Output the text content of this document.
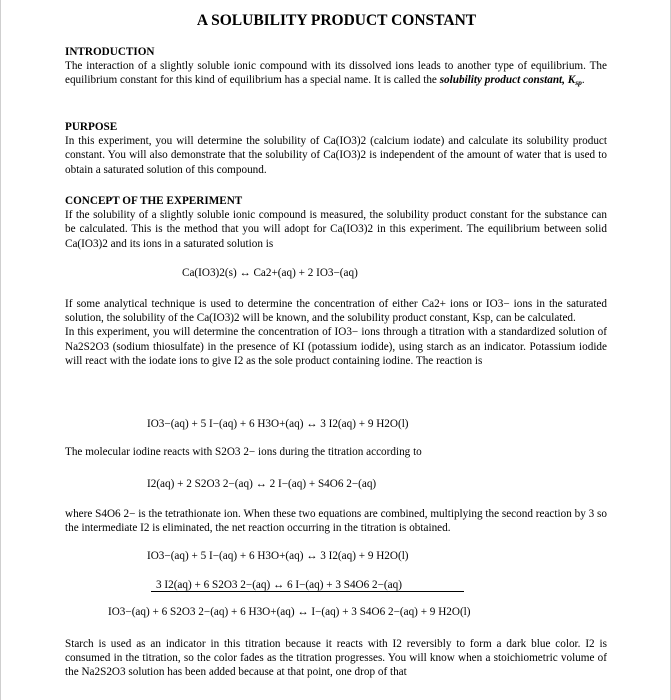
A SOLUBILITY PRODUCT CONSTANT
INTRODUCTION

The interaction of a slightly soluble ionic compound with its dissolved ions leads to another type of equilibrium. The equilibrium constant for this kind of equilibrium has a special name. It is called the solubility product constant, $K_{sp}$.

PURPOSE

In this experiment, you will determine the solubility of Ca(IO3)2 (calcium iodate) and calculate its solubility product constant. You will also demonstrate that the solubility of Ca(IO3)2 is independent of the amount of water that is used to obtain a saturated solution of this compound.

CONCEPT OF THE EXPERIMENT

If the solubility of a slightly soluble ionic compound is measured, the solubility product constant for the substance can be calculated. This is the method that you will adopt for Ca(IO3)2 in this experiment. The equilibrium between solid Ca(IO3)2 and its ions in a saturated solution is

Ca(IO3)2(s) ↔ Ca2+(aq) + 2 IO3−(aq)

If some analytical technique is used to determine the concentration of either Ca2+ ions or IO3− ions in the saturated solution, the solubility of the Ca(IO3)2 will be known, and the solubility product constant, Ksp, can be calculated.

In this experiment, you will determine the concentration of IO3− ions through a titration with a standardized solution of Na2S2O3 (sodium thiosulfate) in the presence of KI (potassium iodide), using starch as an indicator. Potassium iodide will react with the iodate ions to give I2 as the sole product containing iodine. The reaction is

IO3−(aq) + 5 I−(aq) + 6 H3O+(aq) ↔ 3 I2(aq) + 9 H2O(l)

The molecular iodine reacts with S2O3 2− ions during the titration according to

I2(aq) + 2 S2O3 2−(aq) ↔ 2 I−(aq) + S4O6 2−(aq)

where S4O6 2− is the tetrathionate ion. When these two equations are combined, multiplying the second reaction by 3 so the intermediate I2 is eliminated, the net reaction occurring in the titration is obtained.

IO3−(aq) + 5 I−(aq) + 6 H3O+(aq) ↔ 3 I2(aq) + 9 H2O(l)
3 I2(aq) + 6 S2O3 2−(aq) ↔ 6 I−(aq) + 3 S4O6 2−(aq)
IO3−(aq) + 6 S2O3 2−(aq) + 6 H3O+(aq) ↔ I−(aq) + 3 S4O6 2−(aq) + 9 H2O(l)

Starch is used as an indicator in this titration because it reacts with I2 reversibly to form a dark blue color. I2 is consumed in the titration, so the color fades as the titration progresses. You will know when a stoichiometric volume of the Na2S2O3 solution has been added because at that point, one drop of that
